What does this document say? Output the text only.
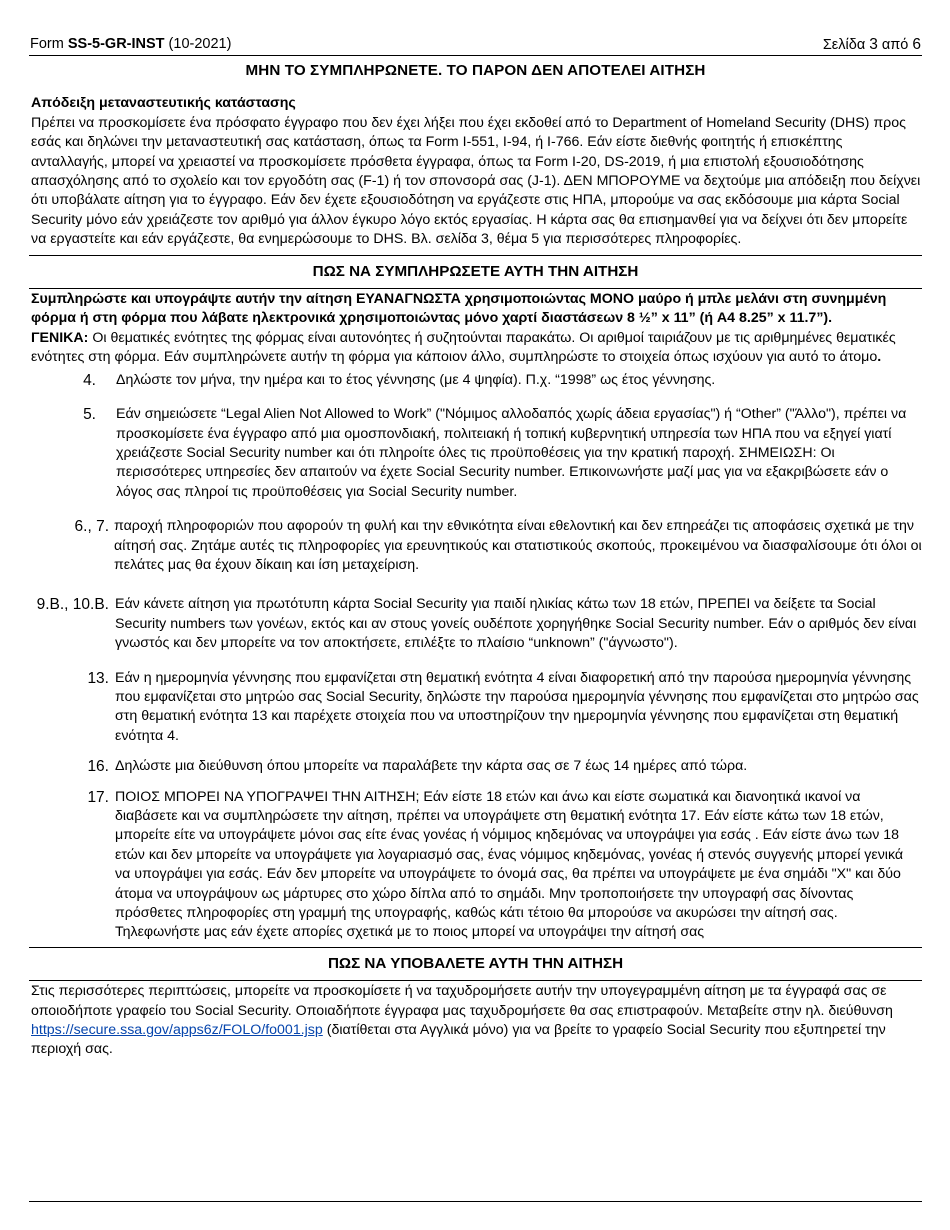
Form SS-5-GR-INST (10-2021)	Σελίδα 3 από 6
ΜΗΝ ΤΟ ΣΥΜΠΛΗΡΩΝΕΤΕ. ΤΟ ΠΑΡΟΝ ΔΕΝ ΑΠΟΤΕΛΕΙ ΑΙΤΗΣΗ
Απόδειξη μεταναστευτικής κατάστασης
Πρέπει να προσκομίσετε ένα πρόσφατο έγγραφο που δεν έχει λήξει που έχει εκδοθεί από το Department of Homeland Security (DHS) προς εσάς και δηλώνει την μεταναστευτική σας κατάσταση, όπως τα Form I-551, I-94, ή I-766. Εάν είστε διεθνής φοιτητής ή επισκέπτης ανταλλαγής, μπορεί να χρειαστεί να προσκομίσετε πρόσθετα έγγραφα, όπως τα Form I-20, DS-2019, ή μια επιστολή εξουσιοδότησης απασχόλησης από το σχολείο και τον εργοδότη σας (F-1) ή τον σπονσορά σας (J-1). ΔΕΝ ΜΠΟΡΟΥΜΕ να δεχτούμε μια απόδειξη που δείχνει ότι υποβάλατε αίτηση για το έγγραφο. Εάν δεν έχετε εξουσιοδότηση να εργάζεστε στις ΗΠΑ, μπορούμε να σας εκδόσουμε μια κάρτα Social Security μόνο εάν χρειάζεστε τον αριθμό για άλλον έγκυρο λόγο εκτός εργασίας. Η κάρτα σας θα επισημανθεί για να δείχνει ότι δεν μπορείτε να εργαστείτε και εάν εργάζεστε, θα ενημερώσουμε το DHS. Βλ. σελίδα 3, θέμα 5 για περισσότερες πληροφορίες.
ΠΩΣ ΝΑ ΣΥΜΠΛΗΡΩΣΕΤΕ ΑΥΤΗ ΤΗΝ ΑΙΤΗΣΗ
Συμπληρώστε και υπογράψτε αυτήν την αίτηση ΕΥΑΝΑΓΝΩΣΤΑ χρησιμοποιώντας ΜΟΝΟ μαύρο ή μπλε μελάνι στη συνημμένη φόρμα ή στη φόρμα που λάβατε ηλεκτρονικά χρησιμοποιώντας μόνο χαρτί διαστάσεων 8 ½” x 11” (ή A4 8.25” x 11.7”).
ΓΕΝΙΚΑ: Οι θεματικές ενότητες της φόρμας είναι αυτονόητες ή συζητούνται παρακάτω. Οι αριθμοί ταιριάζουν με τις αριθμημένες θεματικές ενότητες στη φόρμα. Εάν συμπληρώνετε αυτήν τη φόρμα για κάποιον άλλο, συμπληρώστε το στοιχεία όπως ισχύουν για αυτό το άτομο.
4.	Δηλώστε τον μήνα, την ημέρα και το έτος γέννησης (με 4 ψηφία). Π.χ. “1998” ως έτος γέννησης.
5.	Εάν σημειώσετε “Legal Alien Not Allowed to Work” ("Νόμιμος αλλοδαπός χωρίς άδεια εργασίας") ή “Other” ("Άλλο"), πρέπει να προσκομίσετε ένα έγγραφο από μια ομοσπονδιακή, πολιτειακή ή τοπική κυβερνητική υπηρεσία των ΗΠΑ που να εξηγεί γιατί χρειάζεστε Social Security number και ότι πληροίτε όλες τις προϋποθέσεις για την κρατική παροχή. ΣΗΜΕΙΩΣΗ: Οι περισσότερες υπηρεσίες δεν απαιτούν να έχετε Social Security number. Επικοινωνήστε μαζί μας για να εξακριβώσετε εάν ο λόγος σας πληροί τις προϋποθέσεις για Social Security number.
6., 7. παροχή πληροφοριών που αφορούν τη φυλή και την εθνικότητα είναι εθελοντική και δεν επηρεάζει τις αποφάσεις σχετικά με την αίτησή σας. Ζητάμε αυτές τις πληροφορίες για ερευνητικούς και στατιστικούς σκοπούς, προκειμένου να διασφαλίσουμε ότι όλοι οι πελάτες μας θα έχουν δίκαιη και ίση μεταχείριση.
9.B., 10.B. Εάν κάνετε αίτηση για πρωτότυπη κάρτα Social Security για παιδί ηλικίας κάτω των 18 ετών, ΠΡΕΠΕΙ να δείξετε τα Social Security numbers των γονέων, εκτός και αν στους γονείς ουδέποτε χορηγήθηκε Social Security number. Εάν ο αριθμός δεν είναι γνωστός και δεν μπορείτε να τον αποκτήσετε, επιλέξτε το πλαίσιο “unknown” ("άγνωστο").
13. Εάν η ημερομηνία γέννησης που εμφανίζεται στη θεματική ενότητα 4 είναι διαφορετική από την παρούσα ημερομηνία γέννησης που εμφανίζεται στο μητρώο σας Social Security, δηλώστε την παρούσα ημερομηνία γέννησης που εμφανίζεται στο μητρώο σας στη θεματική ενότητα 13 και παρέχετε στοιχεία που να υποστηρίζουν την ημερομηνία γέννησης που εμφανίζεται στη θεματική ενότητα 4.
16. Δηλώστε μια διεύθυνση όπου μπορείτε να παραλάβετε την κάρτα σας σε 7 έως 14 ημέρες από τώρα.
17. ΠΟΙΟΣ ΜΠΟΡΕΙ ΝΑ ΥΠΟΓΡΑΨΕΙ ΤΗΝ ΑΙΤΗΣΗ; Εάν είστε 18 ετών και άνω και είστε σωματικά και διανοητικά ικανοί να διαβάσετε και να συμπληρώσετε την αίτηση, πρέπει να υπογράψετε στη θεματική ενότητα 17. Εάν είστε κάτω των 18 ετών, μπορείτε είτε να υπογράψετε μόνοι σας είτε ένας γονέας ή νόμιμος κηδεμόνας να υπογράψει για εσάς . Εάν είστε άνω των 18 ετών και δεν μπορείτε να υπογράψετε για λογαριασμό σας, ένας νόμιμος κηδεμόνας, γονέας ή στενός συγγενής μπορεί γενικά να υπογράψει για εσάς. Εάν δεν μπορείτε να υπογράψετε το όνομά σας, θα πρέπει να υπογράψετε με ένα σημάδι "X" και δύο άτομα να υπογράψουν ως μάρτυρες στο χώρο δίπλα από το σημάδι. Μην τροποποιήσετε την υπογραφή σας δίνοντας πρόσθετες πληροφορίες στη γραμμή της υπογραφής, καθώς κάτι τέτοιο θα μπορούσε να ακυρώσει την αίτησή σας. Τηλεφωνήστε μας εάν έχετε απορίες σχετικά με το ποιος μπορεί να υπογράψει την αίτησή σας
ΠΩΣ ΝΑ ΥΠΟΒΑΛΕΤΕ ΑΥΤΗ ΤΗΝ ΑΙΤΗΣΗ
Στις περισσότερες περιπτώσεις, μπορείτε να προσκομίσετε ή να ταχυδρομήσετε αυτήν την υπογεγραμμένη αίτηση με τα έγγραφά σας σε οποιοδήποτε γραφείο του Social Security. Οποιαδήποτε έγγραφα μας ταχυδρομήσετε θα σας επιστραφούν. Μεταβείτε στην ηλ. διεύθυνση https://secure.ssa.gov/apps6z/FOLO/fo001.jsp (διατίθεται στα Αγγλικά μόνο) για να βρείτε το γραφείο Social Security που εξυπηρετεί την περιοχή σας.
